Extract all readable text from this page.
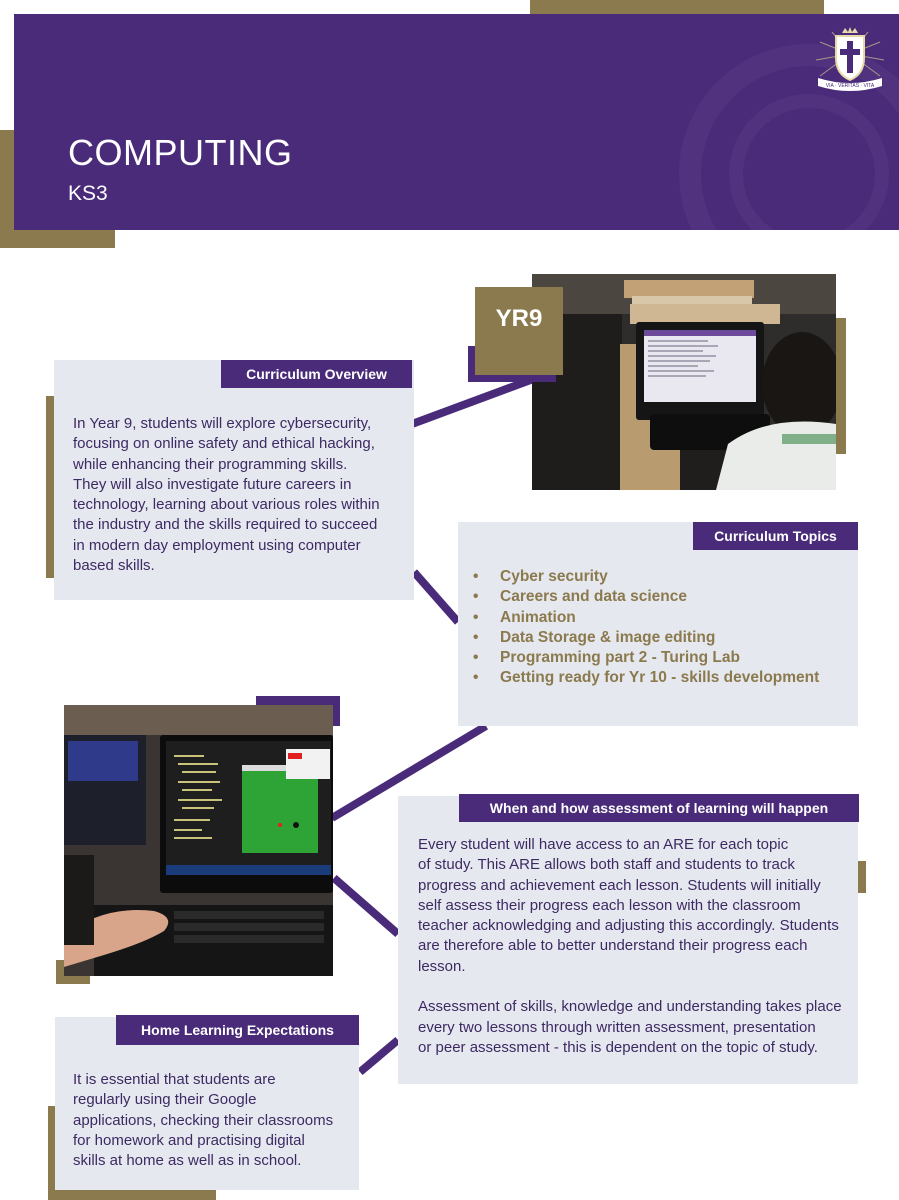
COMPUTING
KS3
VIA · VERITAS · VITA
YR9
Curriculum Overview
In Year 9, students will explore cybersecurity,
focusing on online safety and ethical hacking,
while enhancing their programming skills.
They will also investigate future careers in
technology, learning about various roles within
the industry and the skills required to succeed
in modern day employment using computer
based skills.
Curriculum Topics
• Cyber security
• Careers and data science
• Animation
• Data Storage & image editing
• Programming part 2 - Turing Lab
• Getting ready for Yr 10 - skills development
When and how assessment of learning will happen
Every student will have access to an ARE for each topic
of study. This ARE allows both staff and students to track
progress and achievement each lesson. Students will initially
self assess their progress each lesson with the classroom
teacher acknowledging and adjusting this accordingly. Students
are therefore able to better understand their progress each
lesson.
Assessment of skills, knowledge and understanding takes place
every two lessons through written assessment, presentation
or peer assessment - this is dependent on the topic of study.
Home Learning Expectations
It is essential that students are
regularly using their Google
applications, checking their classrooms
for homework and practising digital
skills at home as well as in school.
